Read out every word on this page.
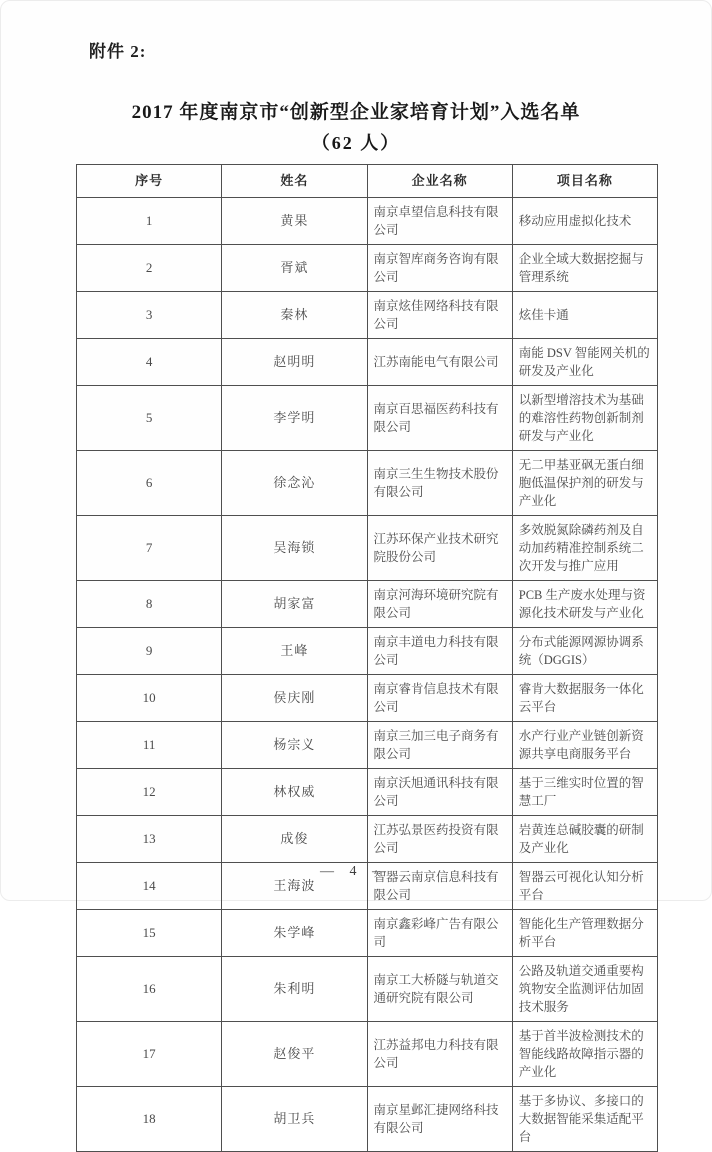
附件 2:
2017 年度南京市“创新型企业家培育计划”入选名单
（62 人）
序号	姓名	企业名称	项目名称
1	黄果	南京卓望信息科技有限公司	移动应用虚拟化技术
2	胥斌	南京智库商务咨询有限公司	企业全域大数据挖掘与管理系统
3	秦林	南京炫佳网络科技有限公司	炫佳卡通
4	赵明明	江苏南能电气有限公司	南能 DSV 智能网关机的研发及产业化
5	李学明	南京百思福医药科技有限公司	以新型增溶技术为基础的难溶性药物创新制剂研发与产业化
6	徐念沁	南京三生生物技术股份有限公司	无二甲基亚砜无蛋白细胞低温保护剂的研发与产业化
7	吴海锁	江苏环保产业技术研究院股份公司	多效脱氮除磷药剂及自动加药精准控制系统二次开发与推广应用
8	胡家富	南京河海环境研究院有限公司	PCB 生产废水处理与资源化技术研发与产业化
9	王峰	南京丰道电力科技有限公司	分布式能源网源协调系统（DGGIS）
10	侯庆刚	南京睿肯信息技术有限公司	睿肯大数据服务一体化云平台
11	杨宗义	南京三加三电子商务有限公司	水产行业产业链创新资源共享电商服务平台
12	林权威	南京沃旭通讯科技有限公司	基于三维实时位置的智慧工厂
13	成俊	江苏弘景医药投资有限公司	岩黄连总碱胶囊的研制及产业化
14	王海波	智器云南京信息科技有限公司	智器云可视化认知分析平台
15	朱学峰	南京鑫彩峰广告有限公司	智能化生产管理数据分析平台
16	朱利明	南京工大桥隧与轨道交通研究院有限公司	公路及轨道交通重要构筑物安全监测评估加固技术服务
17	赵俊平	江苏益邦电力科技有限公司	基于首半波检测技术的智能线路故障指示器的产业化
18	胡卫兵	南京星邺汇捷网络科技有限公司	基于多协议、多接口的大数据智能采集适配平台
— 4 —
